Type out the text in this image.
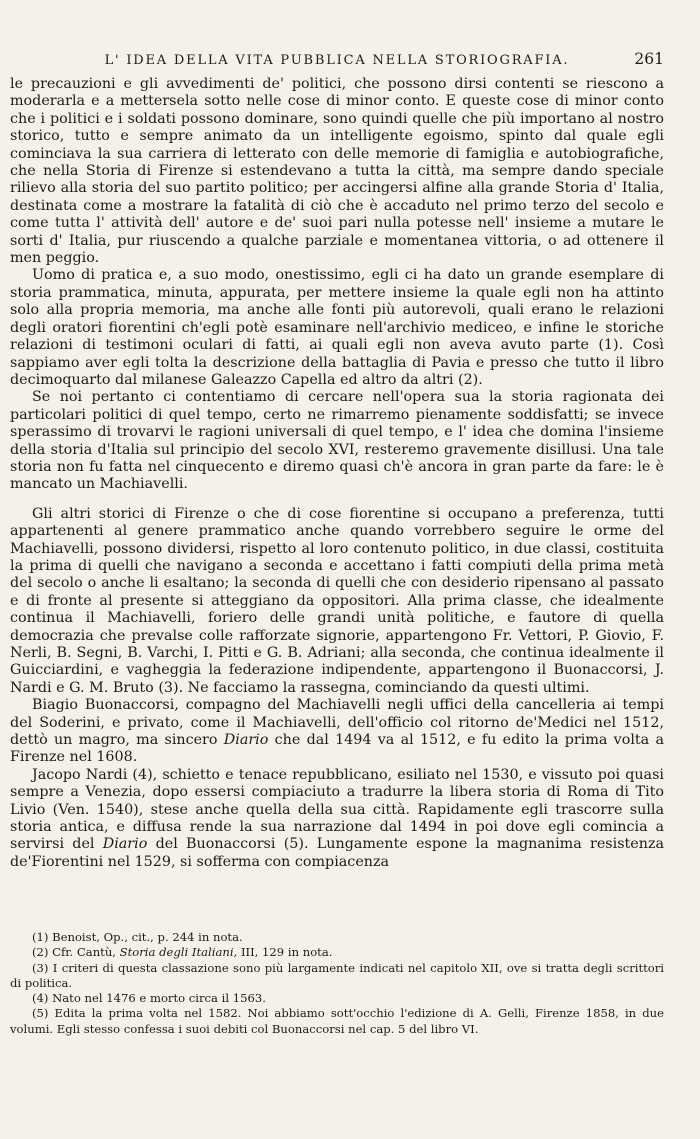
L' IDEA DELLA VITA PUBBLICA NELLA STORIOGRAFIA.	261

le precauzioni e gli avvedimenti de' politici, che possono dirsi contenti se riescono a moderarla e a mettersela sotto nelle cose di minor conto. E queste cose di minor conto che i politici e i soldati possono dominare, sono quindi quelle che più importano al nostro storico, tutto e sempre animato da un intelligente egoismo, spinto dal quale egli cominciava la sua carriera di letterato con delle memorie di famiglia e autobiografiche, che nella Storia di Firenze si estendevano a tutta la città, ma sempre dando speciale rilievo alla storia del suo partito politico; per accingersi alfine alla grande Storia d' Italia, destinata come a mostrare la fatalità di ciò che è accaduto nel primo terzo del secolo e come tutta l' attività dell' autore e de' suoi pari nulla potesse nell' insieme a mutare le sorti d' Italia, pur riuscendo a qualche parziale e momentanea vittoria, o ad ottenere il men peggio.

Uomo di pratica e, a suo modo, onestissimo, egli ci ha dato un grande esemplare di storia prammatica, minuta, appurata, per mettere insieme la quale egli non ha attinto solo alla propria memoria, ma anche alle fonti più autorevoli, quali erano le relazioni degli oratori fiorentini ch'egli potè esaminare nell'archivio mediceo, e infine le storiche relazioni di testimoni oculari di fatti, ai quali egli non aveva avuto parte (1). Così sappiamo aver egli tolta la descrizione della battaglia di Pavia e presso che tutto il libro decimoquarto dal milanese Galeazzo Capella ed altro da altri (2).

Se noi pertanto ci contentiamo di cercare nell'opera sua la storia ragionata dei particolari politici di quel tempo, certo ne rimarremo pienamente soddisfatti; se invece sperassimo di trovarvi le ragioni universali di quel tempo, e l' idea che domina l'insieme della storia d'Italia sul principio del secolo XVI, resteremo gravemente disillusi. Una tale storia non fu fatta nel cinquecento e diremo quasi ch'è ancora in gran parte da fare: le è mancato un Machiavelli.

Gli altri storici di Firenze o che di cose fiorentine si occupano a preferenza, tutti appartenenti al genere prammatico anche quando vorrebbero seguire le orme del Machiavelli, possono dividersi, rispetto al loro contenuto politico, in due classi, costituita la prima di quelli che navigano a seconda e accettano i fatti compiuti della prima metà del secolo o anche li esaltano; la seconda di quelli che con desiderio ripensano al passato e di fronte al presente si atteggiano da oppositori. Alla prima classe, che idealmente continua il Machiavelli, foriero delle grandi unità politiche, e fautore di quella democrazia che prevalse colle rafforzate signorie, appartengono Fr. Vettori, P. Giovio, F. Nerli, B. Segni, B. Varchi, I. Pitti e G. B. Adriani; alla seconda, che continua idealmente il Guicciardini, e vagheggia la federazione indipendente, appartengono il Buonaccorsi, J. Nardi e G. M. Bruto (3). Ne facciamo la rassegna, cominciando da questi ultimi.

Biagio Buonaccorsi, compagno del Machiavelli negli uffici della cancelleria ai tempi del Soderini, e privato, come il Machiavelli, dell'officio col ritorno de'Medici nel 1512, dettò un magro, ma sincero Diario che dal 1494 va al 1512, e fu edito la prima volta a Firenze nel 1608.

Jacopo Nardi (4), schietto e tenace repubblicano, esiliato nel 1530, e vissuto poi quasi sempre a Venezia, dopo essersi compiaciuto a tradurre la libera storia di Roma di Tito Livio (Ven. 1540), stese anche quella della sua città. Rapidamente egli trascorre sulla storia antica, e diffusa rende la sua narrazione dal 1494 in poi dove egli comincia a servirsi del Diario del Buonaccorsi (5). Lungamente espone la magnanima resistenza de'Fiorentini nel 1529, si sofferma con compiacenza

(1) Benoist, Op., cit., p. 244 in nota.
(2) Cfr. Cantù, Storia degli Italiani, III, 129 in nota.
(3) I criteri di questa classazione sono più largamente indicati nel capitolo XII, ove si tratta degli scrittori di politica.
(4) Nato nel 1476 e morto circa il 1563.
(5) Edita la prima volta nel 1582. Noi abbiamo sott'occhio l'edizione di A. Gelli, Firenze 1858, in due volumi. Egli stesso confessa i suoi debiti col Buonaccorsi nel cap. 5 del libro VI.
